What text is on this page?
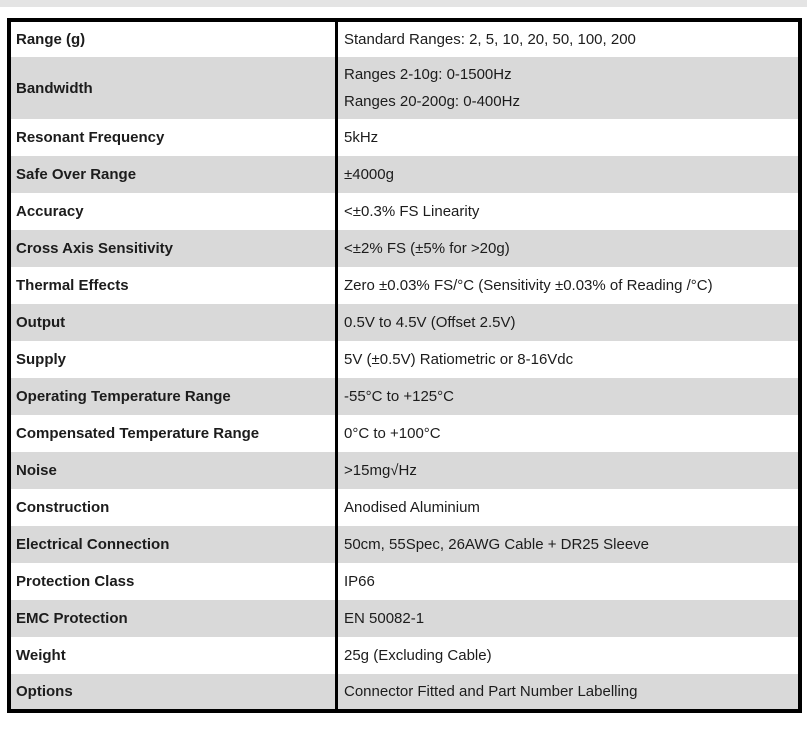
Range (g)	Standard Ranges: 2, 5, 10, 20, 50, 100, 200

Bandwidth	Ranges 2-10g: 0-1500Hz
Ranges 20-200g: 0-400Hz

Resonant Frequency	5kHz

Safe Over Range	±4000g

Accuracy	<±0.3% FS Linearity

Cross Axis Sensitivity	<±2% FS (±5% for >20g)

Thermal Effects	Zero ±0.03% FS/°C (Sensitivity ±0.03% of Reading /°C)

Output	0.5V to 4.5V (Offset 2.5V)

Supply	5V (±0.5V) Ratiometric or 8-16Vdc

Operating Temperature Range	-55°C to +125°C

Compensated Temperature Range	0°C to +100°C

Noise	>15mg√Hz

Construction	Anodised Aluminium

Electrical Connection	50cm, 55Spec, 26AWG Cable + DR25 Sleeve

Protection Class	IP66

EMC Protection	EN 50082-1

Weight	25g (Excluding Cable)

Options	Connector Fitted and Part Number Labelling
